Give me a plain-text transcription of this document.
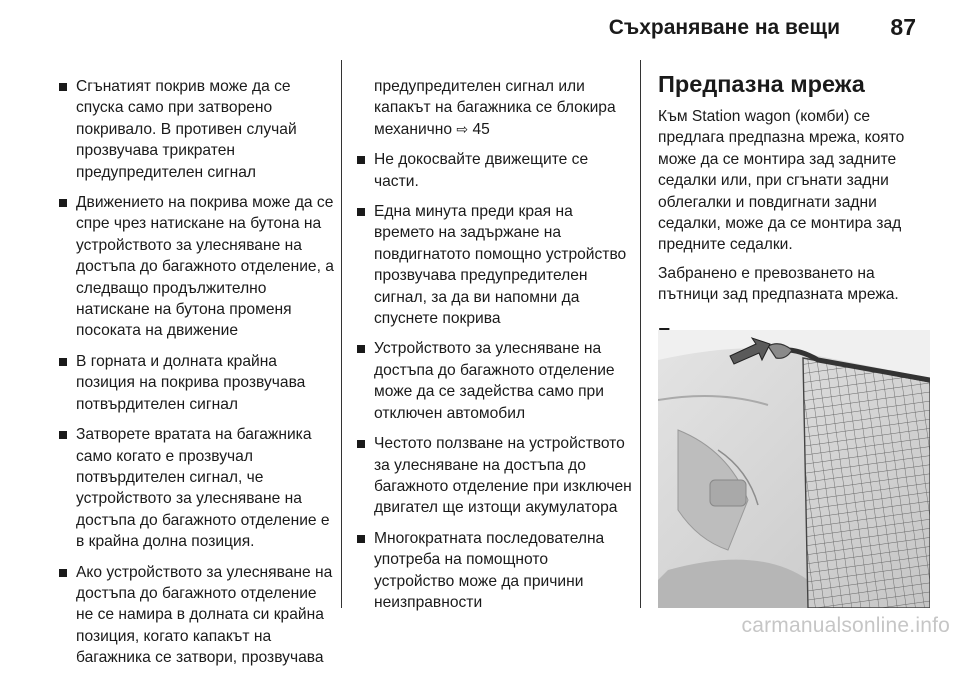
Съхраняване на вещи 87
Сгънатият покрив може да се спуска само при затворено покривало. В противен случай прозвучава трикратен предупредителен сигнал
Движението на покрива може да се спре чрез натискане на бутона на устройството за улесняване на достъпа до багажното отделение, а следващо продължително натискане на бутона променя посоката на движение
В горната и долната крайна позиция на покрива прозвучава потвърдителен сигнал
Затворете вратата на багажника само когато е прозвучал потвърдителен сигнал, че устройството за улесняване на достъпа до багажното отделение е в крайна долна позиция.
Ако устройството за улесняване на достъпа до багажното отделение не се намира в долната си крайна позиция, когато капакът на багажника се затвори, прозвучава
предупредителен сигнал или капакът на багажника се блокира механично ⇨ 45
Не докосвайте движещите се части.
Една минута преди края на времето на задържане на повдигнатото помощно устройство прозвучава предупредителен сигнал, за да ви напомни да спуснете покрива
Устройството за улесняване на достъпа до багажното отделение може да се задейства само при отключен автомобил
Честото ползване на устройството за улесняване на достъпа до багажното отделение при изключен двигател ще изтощи акумулатора
Многократната последователна употреба на помощното устройство може да причини неизправности
Предпазна мрежа

Към Station wagon (комби) се предлага предпазна мрежа, която може да се монтира зад задните седалки или, при сгънати задни облегалки и повдигнати задни седалки, може да се монтира зад предните седалки.

Забранено е превозването на пътници зад предпазната мрежа.

carmanualsonline.info
